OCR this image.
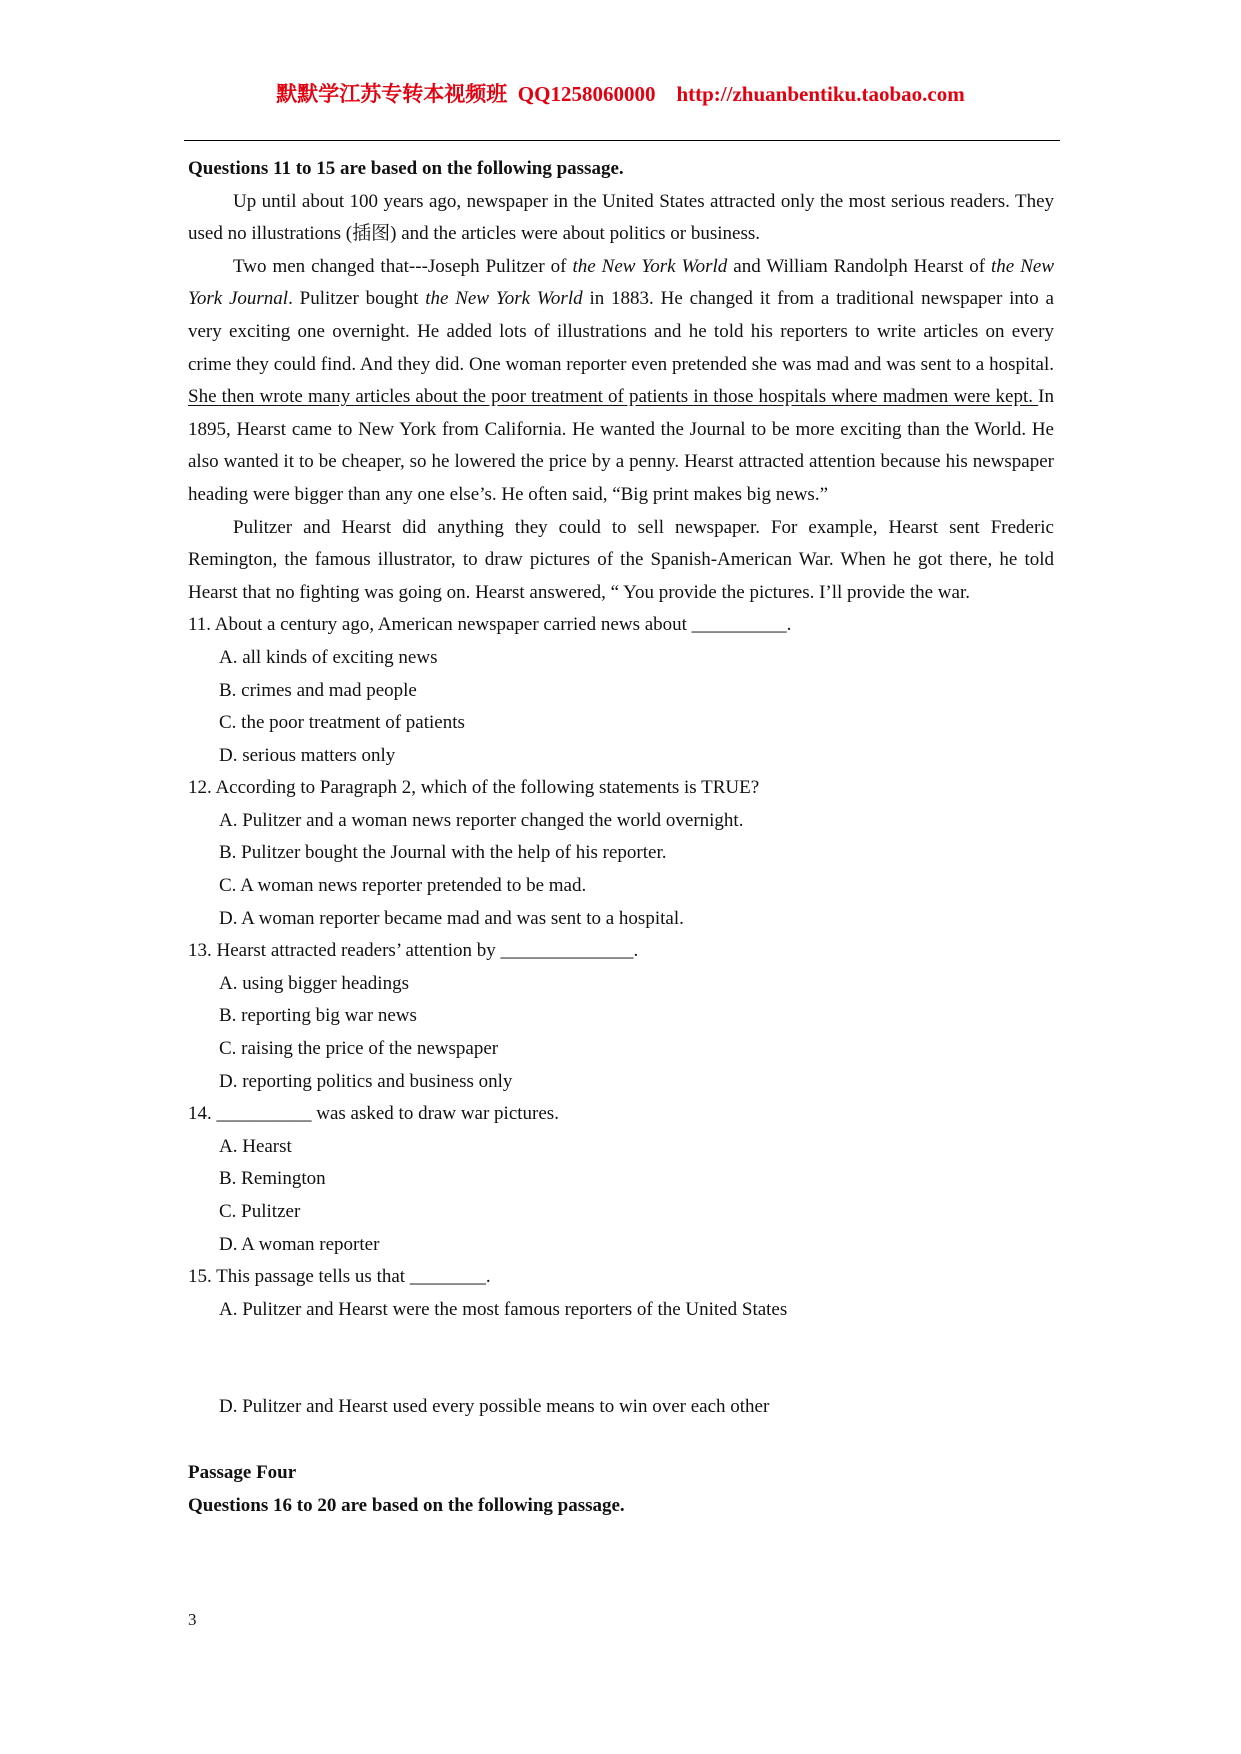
默默学江苏专转本视频班  QQ1258060000    http://zhuanbentiku.taobao.com

Questions 11 to 15 are based on the following passage.

Up until about 100 years ago, newspaper in the United States attracted only the most serious readers. They used no illustrations (插图) and the articles were about politics or business.

Two men changed that---Joseph Pulitzer of the New York World and William Randolph Hearst of the New York Journal. Pulitzer bought the New York World in 1883. He changed it from a traditional newspaper into a very exciting one overnight. He added lots of illustrations and he told his reporters to write articles on every crime they could find. And they did. One woman reporter even pretended she was mad and was sent to a hospital. She then wrote many articles about the poor treatment of patients in those hospitals where madmen were kept. In 1895, Hearst came to New York from California. He wanted the Journal to be more exciting than the World. He also wanted it to be cheaper, so he lowered the price by a penny. Hearst attracted attention because his newspaper heading were bigger than any one else’s. He often said, “Big print makes big news.”

Pulitzer and Hearst did anything they could to sell newspaper. For example, Hearst sent Frederic Remington, the famous illustrator, to draw pictures of the Spanish-American War. When he got there, he told Hearst that no fighting was going on. Hearst answered, “ You provide the pictures. I’ll provide the war.

11. About a century ago, American newspaper carried news about __________.

A. all kinds of exciting news

B. crimes and mad people

C. the poor treatment of patients

D. serious matters only

12. According to Paragraph 2, which of the following statements is TRUE?

A. Pulitzer and a woman news reporter changed the world overnight.

B. Pulitzer bought the Journal with the help of his reporter.

C. A woman news reporter pretended to be mad.

D. A woman reporter became mad and was sent to a hospital.

13. Hearst attracted readers’ attention by ______________.

A. using bigger headings

B. reporting big war news

C. raising the price of the newspaper

D. reporting politics and business only

14. __________ was asked to draw war pictures.

A. Hearst

B. Remington

C. Pulitzer

D. A woman reporter

15. This passage tells us that ________.

A. Pulitzer and Hearst were the most famous reporters of the United States

D. Pulitzer and Hearst used every possible means to win over each other

Passage Four

Questions 16 to 20 are based on the following passage.

3
